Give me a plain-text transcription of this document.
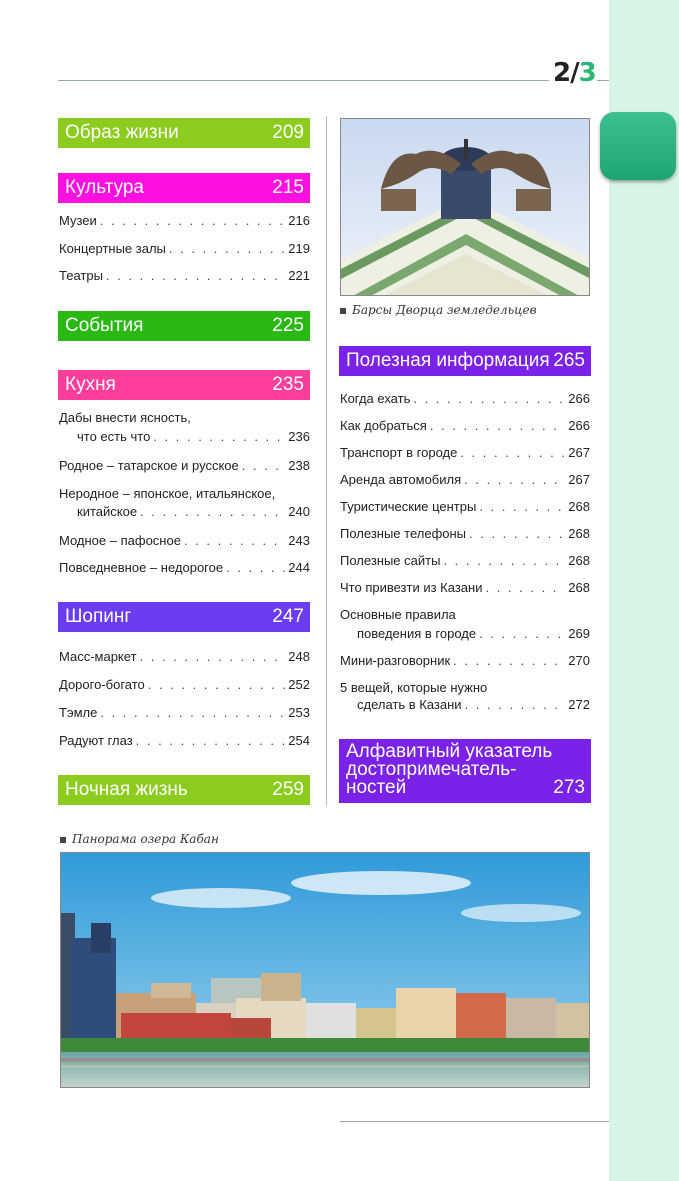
2/3
Образ жизни	209
Культура	215
Музеи . . .	216
Концертные залы . . .	219
Театры . . .	221
События	225
Кухня	235
Дабы внести ясность,
что есть что . . .	236
Родное – татарское и русское . . .	238
Неродное – японское, итальянское,
китайское . . .	240
Модное – пафосное . . .	243
Повседневное – недорогое . . .	244
Шопинг	247
Масс-маркет . . .	248
Дорого-богато . . .	252
Тэмле . . .	253
Радуют глаз . . .	254
Ночная жизнь	259
Барсы Дворца земледельцев
Полезная информация 265
Когда ехать . . .	266
Как добраться . . .	266
Транспорт в городе . . .	267
Аренда автомобиля . . .	267
Туристические центры . . .	268
Полезные телефоны . . .	268
Полезные сайты . . .	268
Что привезти из Казани . . .	268
Основные правила
поведения в городе . . .	269
Мини-разговорник . . .	270
5 вещей, которые нужно
сделать в Казани . . .	272
Алфавитный указатель
достопримечатель-
ностей	273
Панорама озера Кабан
